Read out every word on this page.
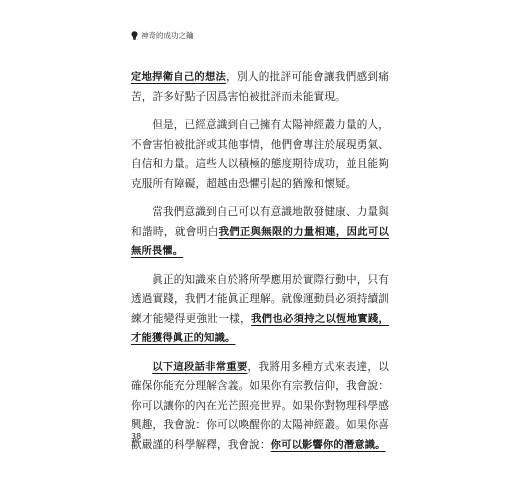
神奇的成功之鑰

定地捍衛自己的想法，別人的批評可能會讓我們感到痛苦，許多好點子因爲害怕被批評而未能實現。

但是，已經意識到自己擁有太陽神經叢力量的人，不會害怕被批評或其他事情，他們會專注於展現勇氣、自信和力量。這些人以積極的態度期待成功，並且能夠克服所有障礙，超越由恐懼引起的猶豫和懷疑。

當我們意識到自己可以有意識地散發健康、力量與和諧時，就會明白我們正與無限的力量相連，因此可以無所畏懼。

眞正的知識來自於將所學應用於實際行動中，只有透過實踐，我們才能眞正理解。就像運動員必須持續訓練才能變得更強壯一樣，我們也必須持之以恆地實踐，才能獲得眞正的知識。

以下這段話非常重要，我將用多種方式來表達，以確保你能充分理解含義。如果你有宗教信仰，我會說：你可以讓你的內在光芒照亮世界。如果你對物理科學感興趣，我會說：你可以喚醒你的太陽神經叢。如果你喜歡嚴謹的科學解釋，我會說：你可以影響你的潛意識。

38
